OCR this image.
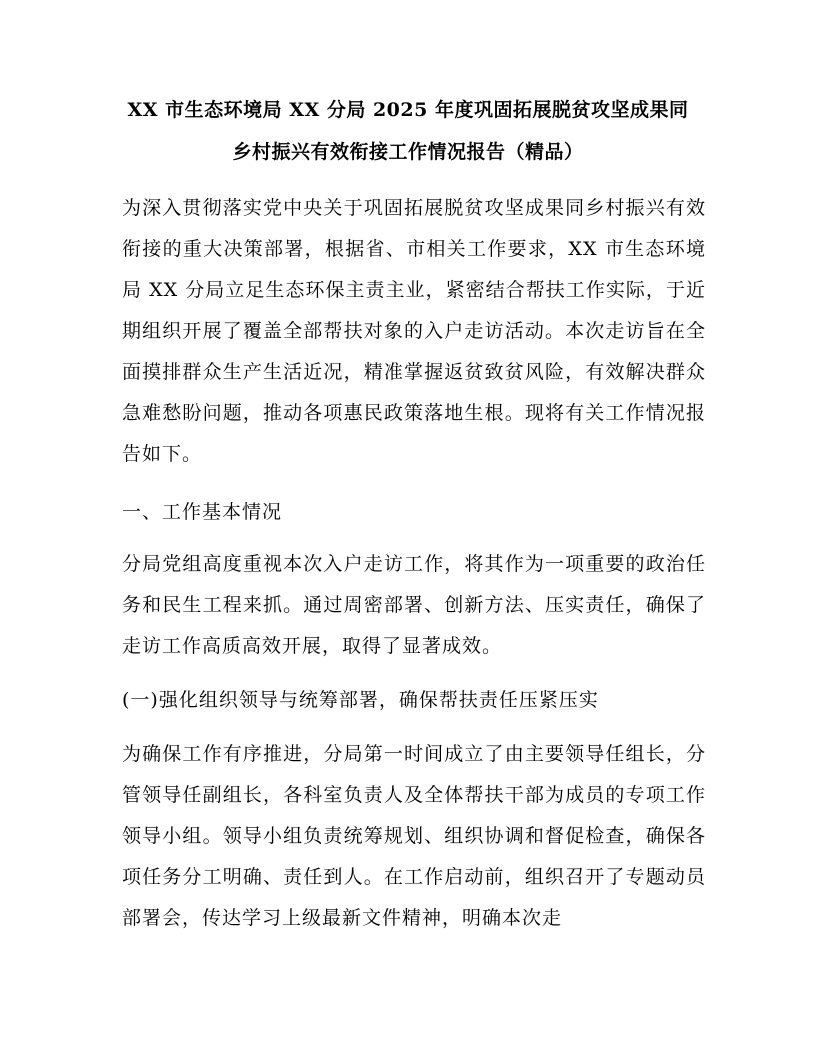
XX 市生态环境局 XX 分局 2025 年度巩固拓展脱贫攻坚成果同
乡村振兴有效衔接工作情况报告（精品）
为深入贯彻落实党中央关于巩固拓展脱贫攻坚成果同乡村振兴有效衔接的重大决策部署，根据省、市相关工作要求，XX 市生态环境局 XX 分局立足生态环保主责主业，紧密结合帮扶工作实际，于近期组织开展了覆盖全部帮扶对象的入户走访活动。本次走访旨在全面摸排群众生产生活近况，精准掌握返贫致贫风险，有效解决群众急难愁盼问题，推动各项惠民政策落地生根。现将有关工作情况报告如下。
一、工作基本情况
分局党组高度重视本次入户走访工作，将其作为一项重要的政治任务和民生工程来抓。通过周密部署、创新方法、压实责任，确保了走访工作高质高效开展，取得了显著成效。
(一)强化组织领导与统筹部署，确保帮扶责任压紧压实
为确保工作有序推进，分局第一时间成立了由主要领导任组长，分管领导任副组长，各科室负责人及全体帮扶干部为成员的专项工作领导小组。领导小组负责统筹规划、组织协调和督促检查，确保各项任务分工明确、责任到人。在工作启动前，组织召开了专题动员部署会，传达学习上级最新文件精神，明确本次走
